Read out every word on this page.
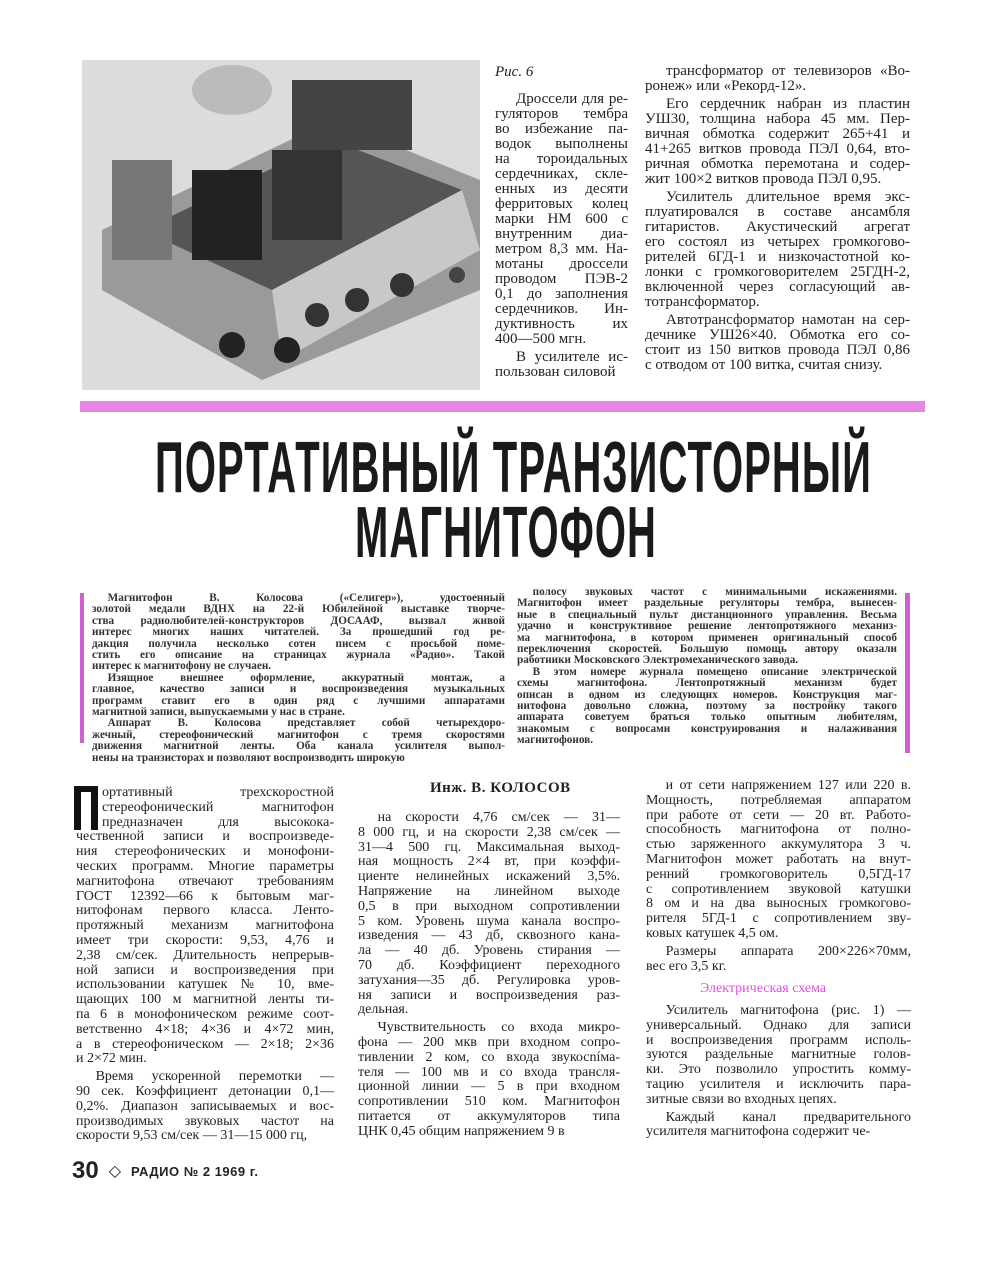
Рис. 6
Дроссели для ре-
гуляторов тембра
во избежание па-
водок выполнены
на тороидальных
сердечниках, скле-
енных из десяти
ферритовых колец
марки НМ 600 с
внутренним диа-
метром 8,3 мм. На-
мотаны дроссели
проводом ПЭВ-2
0,1 до заполнения
сердечников. Ин-
дуктивность их
400—500 мгн.
В усилителе ис-
пользован силовой
трансформатор от телевизоров «Во-
ронеж» или «Рекорд-12».
Его сердечник набран из пластин
УШ30, толщина набора 45 мм. Пер-
вичная обмотка содержит 265+41 и
41+265 витков провода ПЭЛ 0,64, вто-
ричная обмотка перемотана и содер-
жит 100×2 витков провода ПЭЛ 0,95.
Усилитель длительное время экс-
плуатировался в составе ансамбля
гитаристов. Акустический агрегат
его состоял из четырех громкогово-
рителей 6ГД-1 и низкочастотной ко-
лонки с громкоговорителем 25ГДН-2,
включенной через согласующий ав-
тотрансформатор.
Автотрансформатор намотан на сер-
дечнике УШ26×40. Обмотка его со-
стоит из 150 витков провода ПЭЛ 0,86
с отводом от 100 витка, считая снизу.
ПОРТАТИВНЫЙ ТРАНЗИСТОРНЫЙ
МАГНИТОФОН
Магнитофон В. Колосова («Селигер»), удостоенный
золотой медали ВДНХ на 22-й Юбилейной выставке творче-
ства радиолюбителей-конструкторов ДОСААФ, вызвал живой
интерес многих наших читателей. За прошедший год ре-
дакция получила несколько сотен писем с просьбой поме-
стить его описание на страницах журнала «Радио». Такой
интерес к магнитофону не случаен.
Изящное внешнее оформление, аккуратный монтаж, а
главное, качество записи и воспроизведения музыкальных
программ ставит его в один ряд с лучшими аппаратами
магнитной записи, выпускаемыми у нас в стране.
Аппарат В. Колосова представляет собой четырехдоро-
жечный, стереофонический магнитофон с тремя скоростями
движения магнитной ленты. Оба канала усилителя выпол-
нены на транзисторах и позволяют воспроизводить широкую
полосу звуковых частот с минимальными искажениями.
Магнитофон имеет раздельные регуляторы тембра, вынесен-
ные в специальный пульт дистанционного управления. Весьма
удачно и конструктивное решение лентопротяжного механиз-
ма магнитофона, в котором применен оригинальный способ
переключения скоростей. Большую помощь автору оказали
работники Московского Электромеханического завода.
В этом номере журнала помещено описание электрической
схемы магнитофона. Лентопротяжный механизм будет
описан в одном из следующих номеров. Конструкция маг-
нитофона довольно сложна, поэтому за постройку такого
аппарата советуем браться только опытным любителям,
знакомым с вопросами конструирования и налаживания
магнитофонов.
Инж. В. КОЛОСОВ
ортативный трехскоростной
стереофонический магнитофон
предназначен для высокока-
чественной записи и воспроизведе-
ния стереофонических и монофони-
ческих программ. Многие параметры
магнитофона отвечают требованиям
ГОСТ 12392—66 к бытовым маг-
нитофонам первого класса. Ленто-
протяжный механизм магнитофона
имеет три скорости: 9,53, 4,76 и
2,38 см/сек. Длительность непрерыв-
ной записи и воспроизведения при
использовании катушек № 10, вме-
щающих 100 м магнитной ленты ти-
па 6 в монофоническом режиме соот-
ветственно 4×18; 4×36 и 4×72 мин,
а в стереофоническом — 2×18; 2×36
и 2×72 мин.
Время ускоренной перемотки —
90 сек. Коэффициент детонации 0,1—
0,2%. Диапазон записываемых и вос-
производимых звуковых частот на
скорости 9,53 см/сек — 31—15 000 гц,
на скорости 4,76 см/сек — 31—
8 000 гц, и на скорости 2,38 см/сек —
31—4 500 гц. Максимальная выход-
ная мощность 2×4 вт, при коэффи-
циенте нелинейных искажений 3,5%.
Напряжение на линейном выходе
0,5 в при выходном сопротивлении
5 ком. Уровень шума канала воспро-
изведения — 43 дб, сквозного кана-
ла — 40 дб. Уровень стирания —
70 дб. Коэффициент переходного
затухания—35 дб. Регулировка уров-
ня записи и воспроизведения раз-
дельная.
Чувствительность со входа микро-
фона — 200 мкв при входном сопро-
тивлении 2 ком, со входа звукосníма-
теля — 100 мв и со входа трансля-
ционной линии — 5 в при входном
сопротивлении 510 ком. Магнитофон
питается от аккумуляторов типа
ЦНК 0,45 общим напряжением 9 в
и от сети напряжением 127 или 220 в.
Мощность, потребляемая аппаратом
при работе от сети — 20 вт. Работо-
способность магнитофона от полно-
стью заряженного аккумулятора 3 ч.
Магнитофон может работать на внут-
ренний громкоговоритель 0,5ГД-17
с сопротивлением звуковой катушки
8 ом и на два выносных громкогово-
рителя 5ГД-1 с сопротивлением зву-
ковых катушек 4,5 ом.
Размеры аппарата 200×226×70мм,
вес его 3,5 кг.
Электрическая схема
Усилитель магнитофона (рис. 1) —
универсальный. Однако для записи
и воспроизведения программ исполь-
зуются раздельные магнитные голов-
ки. Это позволило упростить комму-
тацию усилителя и исключить пара-
зитные связи во входных цепях.
Каждый канал предварительного
усилителя магнитофона содержит че-
30 ◇ РАДИО № 2 1969 г.
